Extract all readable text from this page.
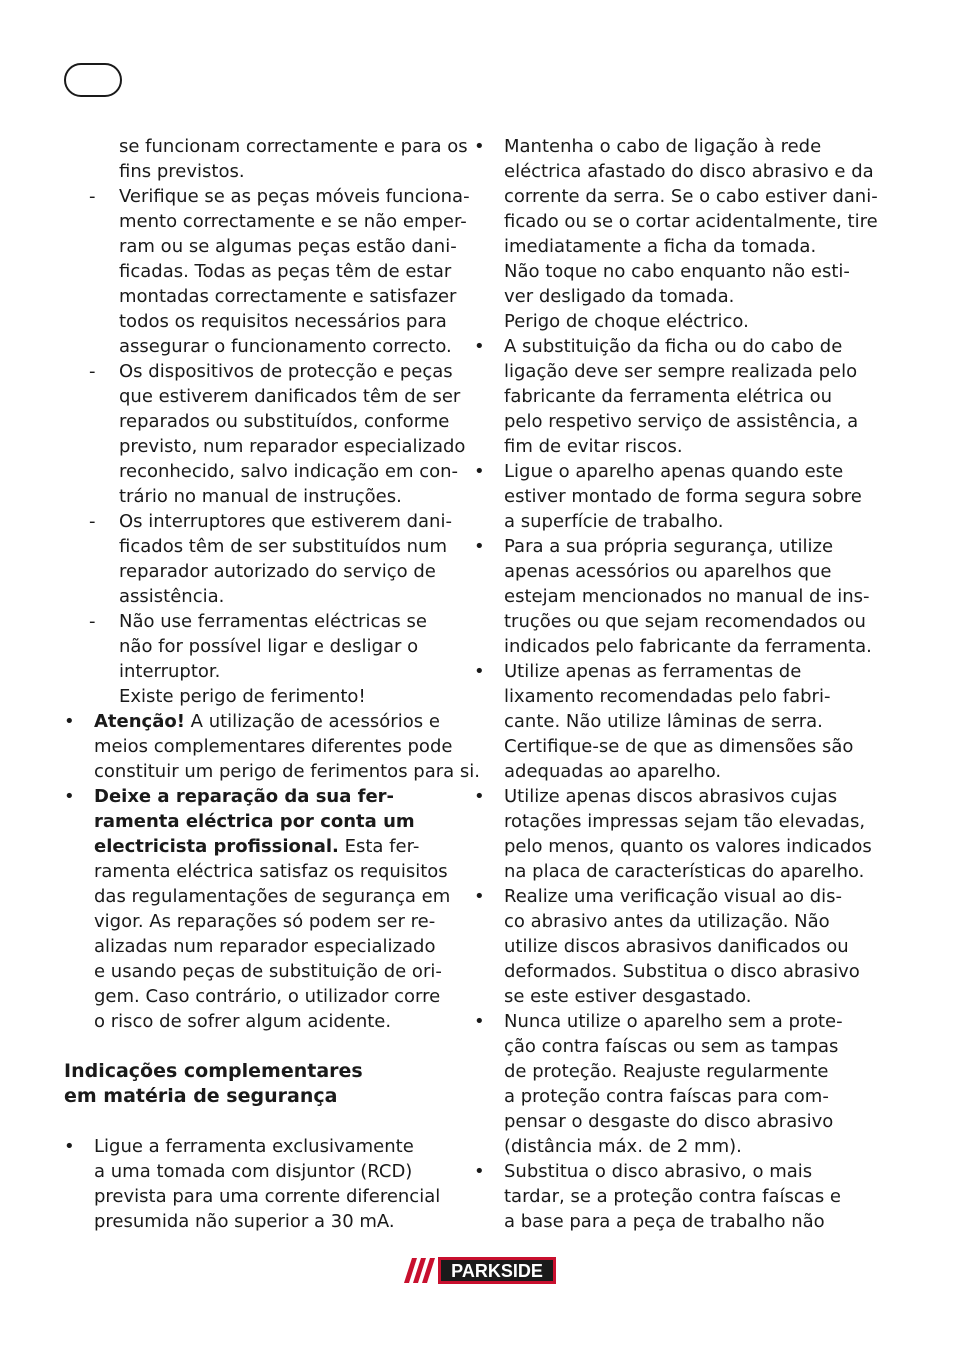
se funcionam correctamente e para os
fins previstos.
- Verifique se as peças móveis funciona-
mento correctamente e se não emper-
ram ou se algumas peças estão dani-
ficadas. Todas as peças têm de estar
montadas correctamente e satisfazer
todos os requisitos necessários para
assegurar o funcionamento correcto.
- Os dispositivos de protecção e peças
que estiverem danificados têm de ser
reparados ou substituídos, conforme
previsto, num reparador especializado
reconhecido, salvo indicação em con-
trário no manual de instruções.
- Os interruptores que estiverem dani-
ficados têm de ser substituídos num
reparador autorizado do serviço de
assistência.
- Não use ferramentas eléctricas se
não for possível ligar e desligar o
interruptor.
Existe perigo de ferimento!
• Atenção! A utilização de acessórios e
meios complementares diferentes pode
constituir um perigo de ferimentos para si.
• Deixe a reparação da sua fer-
ramenta eléctrica por conta um
electricista profissional. Esta fer-
ramenta eléctrica satisfaz os requisitos
das regulamentações de segurança em
vigor. As reparações só podem ser re-
alizadas num reparador especializado
e usando peças de substituição de ori-
gem. Caso contrário, o utilizador corre
o risco de sofrer algum acidente.
Indicações complementares
em matéria de segurança
• Ligue a ferramenta exclusivamente
a uma tomada com disjuntor (RCD)
prevista para uma corrente diferencial
presumida não superior a 30 mA.
• Mantenha o cabo de ligação à rede
eléctrica afastado do disco abrasivo e da
corrente da serra. Se o cabo estiver dani-
ficado ou se o cortar acidentalmente, tire
imediatamente a ficha da tomada.
Não toque no cabo enquanto não esti-
ver desligado da tomada.
Perigo de choque eléctrico.
• A substituição da ficha ou do cabo de
ligação deve ser sempre realizada pelo
fabricante da ferramenta elétrica ou
pelo respetivo serviço de assistência, a
fim de evitar riscos.
• Ligue o aparelho apenas quando este
estiver montado de forma segura sobre
a superfície de trabalho.
• Para a sua própria segurança, utilize
apenas acessórios ou aparelhos que
estejam mencionados no manual de ins-
truções ou que sejam recomendados ou
indicados pelo fabricante da ferramenta.
• Utilize apenas as ferramentas de
lixamento recomendadas pelo fabri-
cante. Não utilize lâminas de serra.
Certifique-se de que as dimensões são
adequadas ao aparelho.
• Utilize apenas discos abrasivos cujas
rotações impressas sejam tão elevadas,
pelo menos, quanto os valores indicados
na placa de características do aparelho.
• Realize uma verificação visual ao dis-
co abrasivo antes da utilização. Não
utilize discos abrasivos danificados ou
deformados. Substitua o disco abrasivo
se este estiver desgastado.
• Nunca utilize o aparelho sem a prote-
ção contra faíscas ou sem as tampas
de proteção. Reajuste regularmente
a proteção contra faíscas para com-
pensar o desgaste do disco abrasivo
(distância máx. de 2 mm).
• Substitua o disco abrasivo, o mais
tardar, se a proteção contra faíscas e
a base para a peça de trabalho não
PARKSIDE
